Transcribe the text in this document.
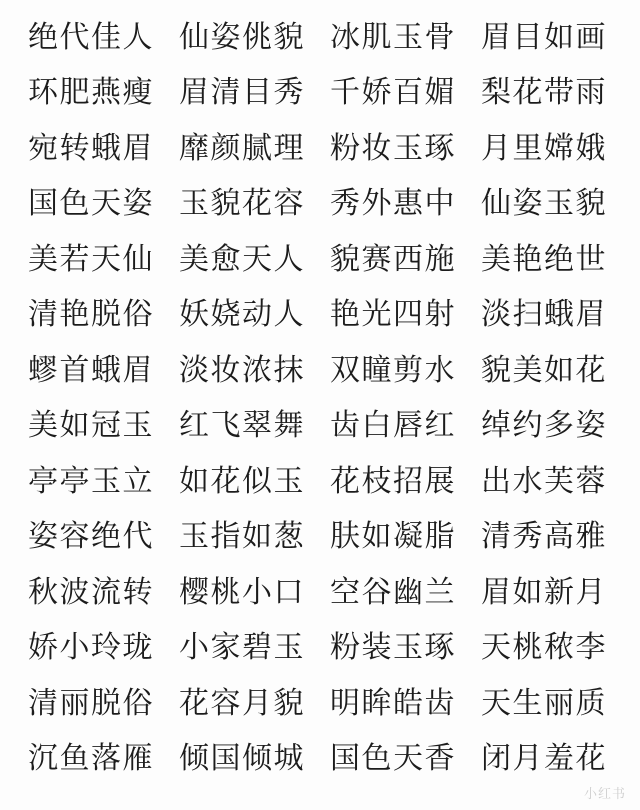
绝代佳人 仙姿佻貌 冰肌玉骨 眉目如画
环肥燕瘦 眉清目秀 千娇百媚 梨花带雨
宛转蛾眉 靡颜腻理 粉妆玉琢 月里嫦娥
国色天姿 玉貌花容 秀外惠中 仙姿玉貌
美若天仙 美愈天人 貌赛西施 美艳绝世
清艳脱俗 妖娆动人 艳光四射 淡扫蛾眉
蟉首蛾眉 淡妆浓抹 双瞳剪水 貌美如花
美如冠玉 红飞翠舞 齿白唇红 绰约多姿
亭亭玉立 如花似玉 花枝招展 出水芙蓉
姿容绝代 玉指如葱 肤如凝脂 清秀高雅
秋波流转 樱桃小口 空谷幽兰 眉如新月
娇小玲珑 小家碧玉 粉装玉琢 天桃秾李
清丽脱俗 花容月貌 明眸皓齿 天生丽质
沉鱼落雁 倾国倾城 国色天香 闭月羞花
小红书
